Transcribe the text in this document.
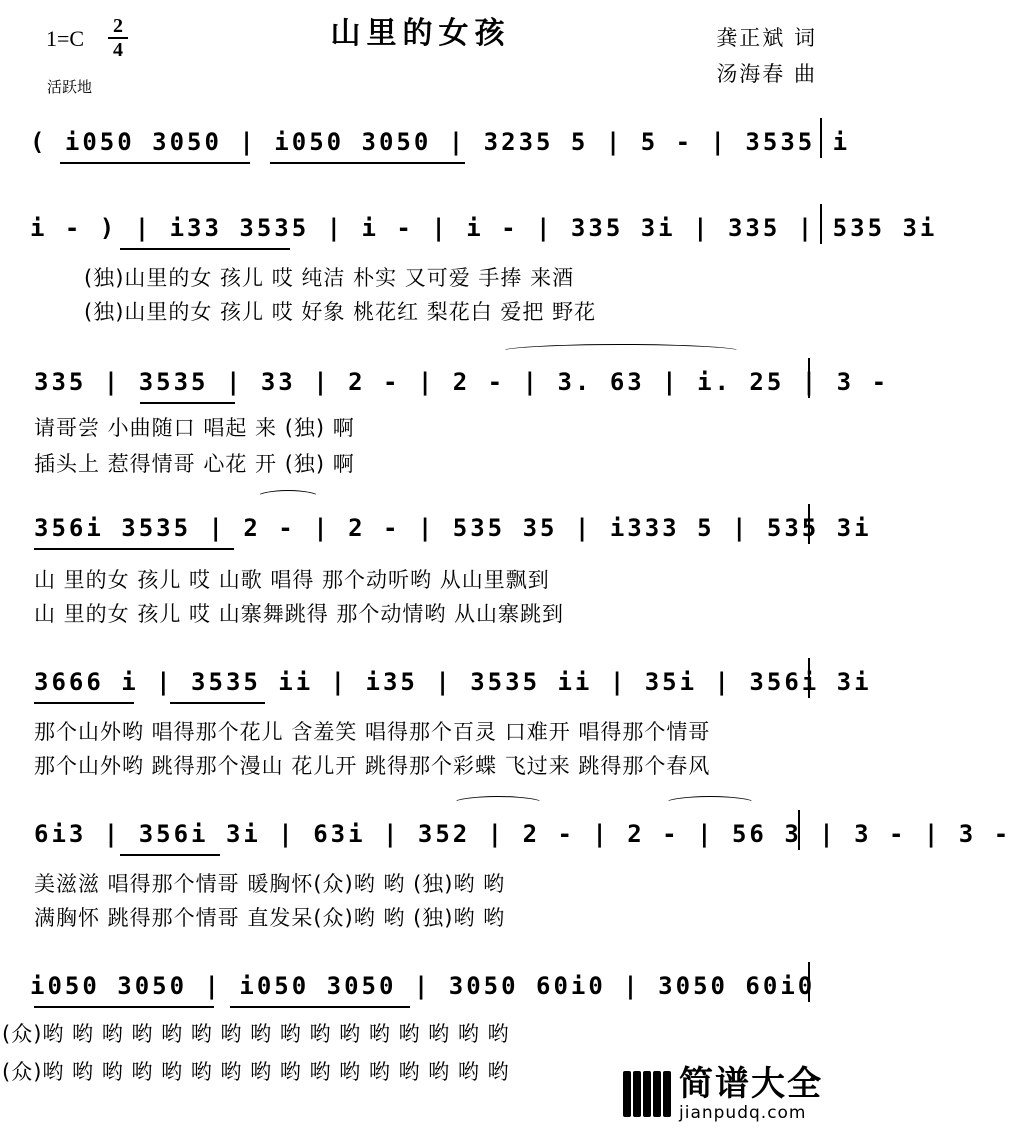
山里的女孩
1=C 2
4
活跃地
龚正斌 词
汤海春 曲
( i050 3050 | i050 3050 | 3235 5 | 5 - | 3535 i
i - ) | i33 3535 | i - | i - | 335 3i | 335 | 535 3i
(独)山里的女 孩儿 哎 纯洁 朴实 又可爱 手捧 来酒
(独)山里的女 孩儿 哎 好象 桃花红 梨花白 爱把 野花
335 | 3535 | 33 | 2 - | 2 - | 3. 63 | i. 25 | 3 -
请哥尝 小曲随口 唱起 来 (独) 啊
插头上 惹得情哥 心花 开 (独) 啊
356i 3535 | 2 - | 2 - | 535 35 | i333 5 | 535 3i
山 里的女 孩儿 哎 山歌 唱得 那个动听哟 从山里飘到
山 里的女 孩儿 哎 山寨舞跳得 那个动情哟 从山寨跳到
3666 i | 3535 ii | i35 | 3535 ii | 35i | 356i 3i
那个山外哟 唱得那个花儿 含羞笑 唱得那个百灵 口难开 唱得那个情哥
那个山外哟 跳得那个漫山 花儿开 跳得那个彩蝶 飞过来 跳得那个春风
6i3 | 356i 3i | 63i | 352 | 2 - | 2 - | 56 3 | 3 - | 3 -
美滋滋 唱得那个情哥 暖胸怀(众)哟 哟 (独)哟 哟
满胸怀 跳得那个情哥 直发呆(众)哟 哟 (独)哟 哟
i050 3050 | i050 3050 | 3050 60i0 | 3050 60i0
(众)哟 哟 哟 哟 哟 哟 哟 哟 哟 哟 哟 哟 哟 哟 哟 哟
(众)哟 哟 哟 哟 哟 哟 哟 哟 哟 哟 哟 哟 哟 哟 哟 哟	简谱大全
jianpudq.com
